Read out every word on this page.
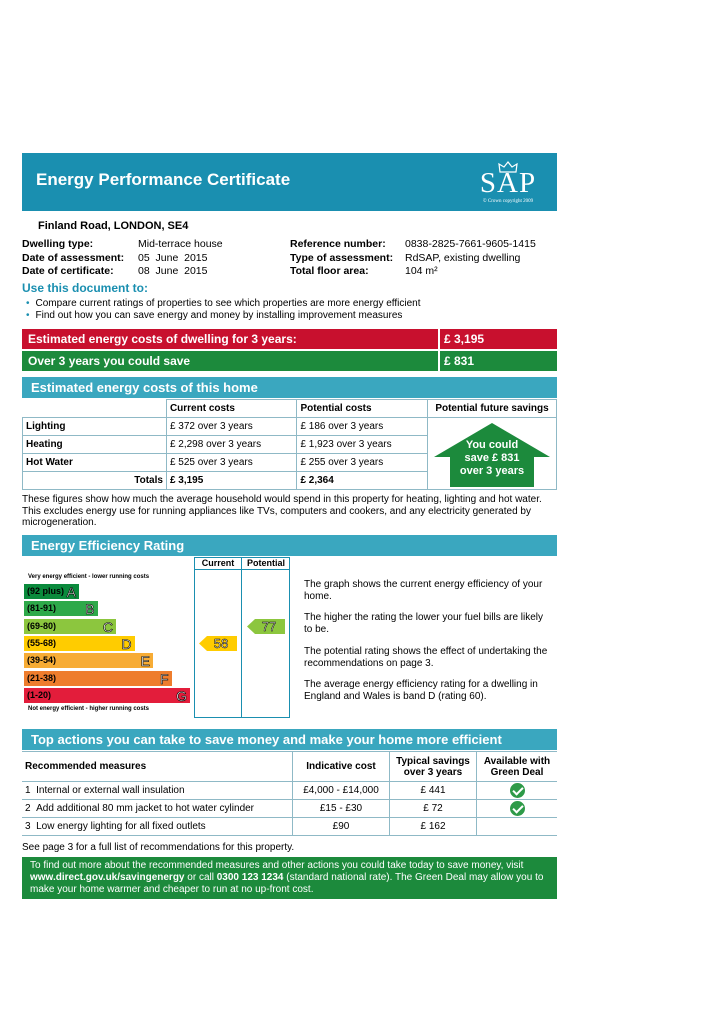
Energy Performance Certificate	SAP
© Crown copyright 2009
Finland Road, LONDON, SE4
Dwelling type:	Mid-terrace house
Date of assessment: 05  June  2015
Date of certificate: 08  June  2015
Reference number: 0838-2825-7661-9605-1415
Type of assessment: RdSAP, existing dwelling
Total floor area:	104 m²
Use this document to:
• Compare current ratings of properties to see which properties are more energy efficient
• Find out how you can save energy and money by installing improvement measures
Estimated energy costs of dwelling for 3 years:	£ 3,195
Over 3 years you could save	£ 831
Estimated energy costs of this home
	Current costs	Potential costs	Potential future savings
Lighting	£ 372 over 3 years	£ 186 over 3 years	You could
save £ 831
over 3 years

Heating	£ 2,298 over 3 years	£ 1,923 over 3 years	
Hot Water	£ 525 over 3 years	£ 255 over 3 years	
Totals	£ 3,195	£ 2,364	
These figures show how much the average household would spend in this property for heating, lighting and hot water. This excludes energy use for running appliances like TVs, computers and cookers, and any electricity generated by microgeneration.
Energy Efficiency Rating
Current	Potential
Very energy efficient - lower running costs
(92 plus) A
(81-91) B
(69-80)	C
(55-68)	D
(39-54)	E
(21-38)	F
(1-20)	G
Not energy efficient - higher running costs
58
77
The graph shows the current energy efficiency of your home.
The higher the rating the lower your fuel bills are likely to be.
The potential rating shows the effect of undertaking the recommendations on page 3.
The average energy efficiency rating for a dwelling in England and Wales is band D (rating 60).
Top actions you can take to save money and make your home more efficient
Recommended measures	Indicative cost	Typical savings over 3 years	Available with Green Deal
1 Internal or external wall insulation	£4,000 - £14,000	£ 441	
2 Add additional 80 mm jacket to hot water cylinder	£15 - £30	£ 72	
3 Low energy lighting for all fixed outlets	£90	£ 162	
See page 3 for a full list of recommendations for this property.
To find out more about the recommended measures and other actions you could take today to save money, visit www.direct.gov.uk/savingenergy or call 0300 123 1234 (standard national rate). The Green Deal may allow you to make your home warmer and cheaper to run at no up-front cost.
